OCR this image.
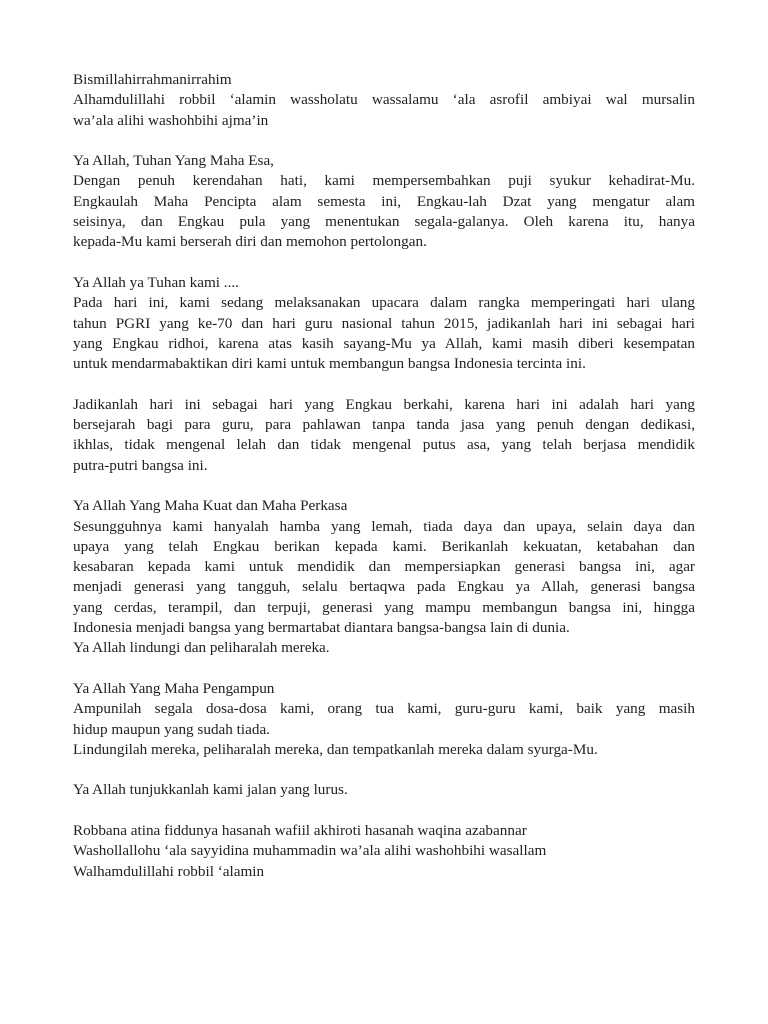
Bismillahirrahmanirrahim
Alhamdulillahi robbil ‘alamin wassholatu wassalamu ‘ala asrofil ambiyai wal mursalin
wa’ala alihi washohbihi ajma’in
Ya Allah, Tuhan Yang Maha Esa,
Dengan penuh kerendahan hati, kami mempersembahkan puji syukur kehadirat-Mu.
Engkaulah Maha Pencipta alam semesta ini, Engkau-lah Dzat yang mengatur alam
seisinya, dan Engkau pula yang menentukan segala-galanya. Oleh karena itu, hanya
kepada-Mu kami berserah diri dan memohon pertolongan.
Ya Allah ya Tuhan kami ....
Pada hari ini, kami sedang melaksanakan upacara dalam rangka memperingati hari ulang
tahun PGRI yang ke-70 dan hari guru nasional tahun 2015, jadikanlah hari ini sebagai hari
yang Engkau ridhoi, karena atas kasih sayang-Mu ya Allah, kami masih diberi kesempatan
untuk mendarmabaktikan diri kami untuk membangun bangsa Indonesia tercinta ini.
Jadikanlah hari ini sebagai hari yang Engkau berkahi, karena hari ini adalah hari yang
bersejarah bagi para guru, para pahlawan tanpa tanda jasa yang penuh dengan dedikasi,
ikhlas, tidak mengenal lelah dan tidak mengenal putus asa, yang telah berjasa mendidik
putra-putri bangsa ini.
Ya Allah Yang Maha Kuat dan Maha Perkasa
Sesungguhnya kami hanyalah hamba yang lemah, tiada daya dan upaya, selain daya dan
upaya yang telah Engkau berikan kepada kami. Berikanlah kekuatan, ketabahan dan
kesabaran kepada kami untuk mendidik dan mempersiapkan generasi bangsa ini, agar
menjadi generasi yang tangguh, selalu bertaqwa pada Engkau ya Allah, generasi bangsa
yang cerdas, terampil, dan terpuji, generasi yang mampu membangun bangsa ini, hingga
Indonesia menjadi bangsa yang bermartabat diantara bangsa-bangsa lain di dunia.
Ya Allah lindungi dan peliharalah mereka.
Ya Allah Yang Maha Pengampun
Ampunilah segala dosa-dosa kami, orang tua kami, guru-guru kami, baik yang masih
hidup maupun yang sudah tiada.
Lindungilah mereka, peliharalah mereka, dan tempatkanlah mereka dalam syurga-Mu.
Ya Allah tunjukkanlah kami jalan yang lurus.
Robbana atina fiddunya hasanah wafiil akhiroti hasanah waqina azabannar
Washollallohu ‘ala sayyidina muhammadin wa’ala alihi washohbihi wasallam
Walhamdulillahi robbil ‘alamin
